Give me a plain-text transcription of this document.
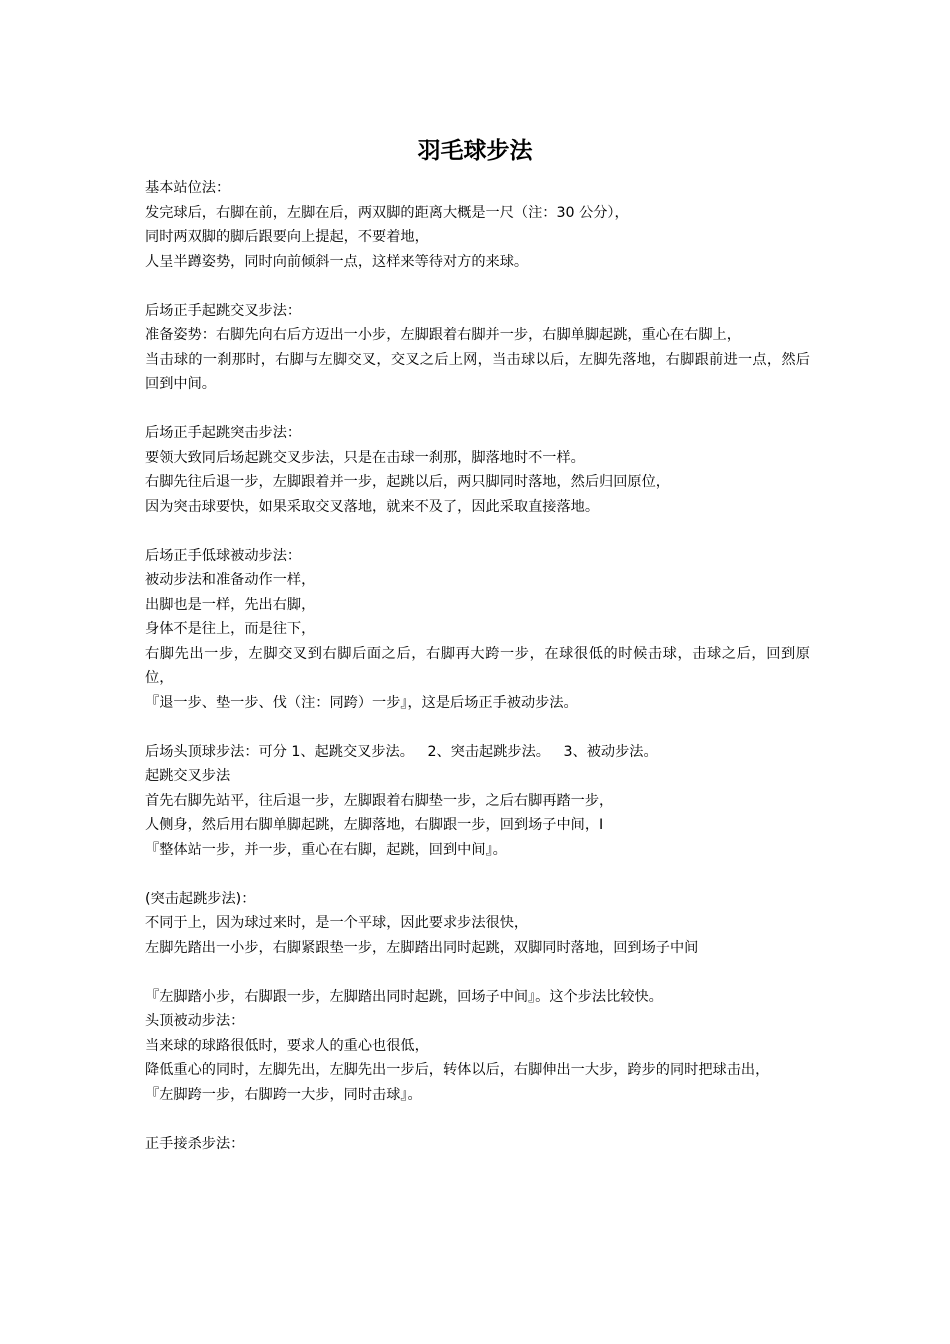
羽毛球步法
基本站位法：
发完球后，右脚在前，左脚在后，两双脚的距离大概是一尺（注：30 公分），
同时两双脚的脚后跟要向上提起，不要着地，
人呈半蹲姿势，同时向前倾斜一点，这样来等待对方的来球。
后场正手起跳交叉步法：
准备姿势：右脚先向右后方迈出一小步，左脚跟着右脚并一步，右脚单脚起跳，重心在右脚上，
当击球的一刹那时，右脚与左脚交叉，交叉之后上网，当击球以后，左脚先落地，右脚跟前进一点，然后回到中间。
后场正手起跳突击步法：
要领大致同后场起跳交叉步法，只是在击球一刹那，脚落地时不一样。
右脚先往后退一步，左脚跟着并一步，起跳以后，两只脚同时落地，然后归回原位，
因为突击球要快，如果采取交叉落地，就来不及了，因此采取直接落地。
后场正手低球被动步法：
被动步法和准备动作一样，
出脚也是一样，先出右脚，
身体不是往上，而是往下，
右脚先出一步，左脚交叉到右脚后面之后，右脚再大跨一步，在球很低的时候击球，击球之后，回到原位，
『退一步、垫一步、伐（注：同跨）一步』，这是后场正手被动步法。
后场头顶球步法：可分 1、起跳交叉步法。   2、突击起跳步法。   3、被动步法。
起跳交叉步法
首先右脚先站平，往后退一步，左脚跟着右脚垫一步，之后右脚再踏一步，
人侧身，然后用右脚单脚起跳，左脚落地，右脚跟一步，回到场子中间，I
『整体站一步，并一步，重心在右脚，起跳，回到中间』。
(突击起跳步法)：
不同于上，因为球过来时，是一个平球，因此要求步法很快，
左脚先踏出一小步，右脚紧跟垫一步，左脚踏出同时起跳，双脚同时落地，回到场子中间
『左脚踏小步，右脚跟一步，左脚踏出同时起跳，回场子中间』。这个步法比较快。
头顶被动步法：
当来球的球路很低时，要求人的重心也很低，
降低重心的同时，左脚先出，左脚先出一步后，转体以后，右脚伸出一大步，跨步的同时把球击出，
『左脚跨一步，右脚跨一大步，同时击球』。
正手接杀步法：
